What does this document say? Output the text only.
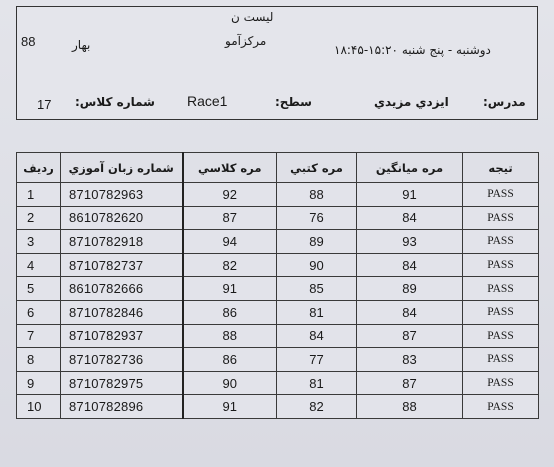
ليست ن
مركزآمو
88	بهار	دوشنبه - پنج شنبه ۱۵:۲۰-۱۸:۴۵
17 شماره كلاس: Race1	سطح:	ايزدي مزيدي	مدرس:
رديف	شماره زبان آموزي	مره كلاسي	مره كتبي	مره ميانگين	تيجه
1	8710782963	92	88	91	PASS
2	8610782620	87	76	84	PASS
3	8710782918	94	89	93	PASS
4	8710782737	82	90	84	PASS
5	8610782666	91	85	89	PASS
6	8710782846	86	81	84	PASS
7	8710782937	88	84	87	PASS
8	8710782736	86	77	83	PASS
9	8710782975	90	81	87	PASS
10	8710782896	91	82	88	PASS
